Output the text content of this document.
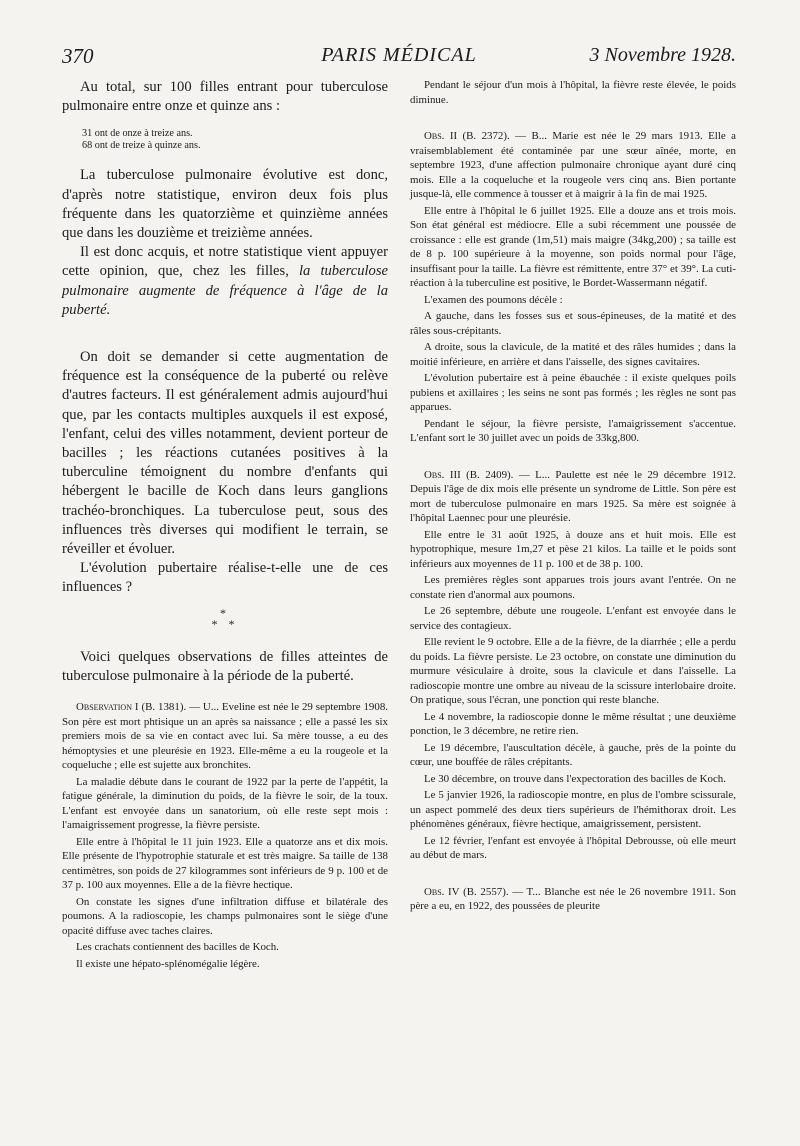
370	PARIS MÉDICAL	3 Novembre 1928.

Au total, sur 100 filles entrant pour tuberculose pulmonaire entre onze et quinze ans :

31 ont de onze à treize ans.
68 ont de treize à quinze ans.

La tuberculose pulmonaire évolutive est donc, d'après notre statistique, environ deux fois plus fréquente dans les quatorzième et quinzième années que dans les douzième et treizième années.

Il est donc acquis, et notre statistique vient appuyer cette opinion, que, chez les filles, la tuberculose pulmonaire augmente de fréquence à l'âge de la puberté.

On doit se demander si cette augmentation de fréquence est la conséquence de la puberté ou relève d'autres facteurs. Il est généralement admis aujourd'hui que, par les contacts multiples auxquels il est exposé, l'enfant, celui des villes notamment, devient porteur de bacilles ; les réactions cutanées positives à la tuberculine témoignent du nombre d'enfants qui hébergent le bacille de Koch dans leurs ganglions trachéo-bronchiques. La tuberculose peut, sous des influences très diverses qui modifient le terrain, se réveiller et évoluer.

L'évolution pubertaire réalise-t-elle une de ces influences ?

*
* *

Voici quelques observations de filles atteintes de tuberculose pulmonaire à la période de la puberté.

Observation I (B. 1381). — U... Eveline est née le 29 septembre 1908. Son père est mort phtisique un an après sa naissance ; elle a passé les six premiers mois de sa vie en contact avec lui. Sa mère tousse, a eu des hémoptysies et une pleurésie en 1923. Elle-même a eu la rougeole et la coqueluche ; elle est sujette aux bronchites.

La maladie débute dans le courant de 1922 par la perte de l'appétit, la fatigue générale, la diminution du poids, de la fièvre le soir, de la toux. L'enfant est envoyée dans un sanatorium, où elle reste sept mois : l'amaigrissement progresse, la fièvre persiste.

Elle entre à l'hôpital le 11 juin 1923. Elle a quatorze ans et dix mois. Elle présente de l'hypotrophie staturale et est très maigre. Sa taille de 138 centimètres, son poids de 27 kilogrammes sont inférieurs de 9 p. 100 et de 37 p. 100 aux moyennes. Elle a de la fièvre hectique.

On constate les signes d'une infiltration diffuse et bilatérale des poumons. A la radioscopie, les champs pulmonaires sont le siège d'une opacité diffuse avec taches claires.

Les crachats contiennent des bacilles de Koch.

Il existe une hépato-splénomégalie légère.

Pendant le séjour d'un mois à l'hôpital, la fièvre reste élevée, le poids diminue.

Obs. II (B. 2372). — B... Marie est née le 29 mars 1913. Elle a vraisemblablement été contaminée par une sœur aînée, morte, en septembre 1923, d'une affection pulmonaire chronique ayant duré cinq mois. Elle a la coqueluche et la rougeole vers cinq ans. Bien portante jusque-là, elle commence à tousser et à maigrir à la fin de mai 1925.

Elle entre à l'hôpital le 6 juillet 1925. Elle a douze ans et trois mois. Son état général est médiocre. Elle a subi récemment une poussée de croissance : elle est grande (1m,51) mais maigre (34kg,200) ; sa taille est de 8 p. 100 supérieure à la moyenne, son poids normal pour l'âge, insuffisant pour la taille. La fièvre est rémittente, entre 37° et 39°. La cuti-réaction à la tuberculine est positive, le Bordet-Wassermann négatif.

L'examen des poumons décèle :

A gauche, dans les fosses sus et sous-épineuses, de la matité et des râles sous-crépitants.

A droite, sous la clavicule, de la matité et des râles humides ; dans la moitié inférieure, en arrière et dans l'aisselle, des signes cavitaires.

L'évolution pubertaire est à peine ébauchée : il existe quelques poils pubiens et axillaires ; les seins ne sont pas formés ; les règles ne sont pas apparues.

Pendant le séjour, la fièvre persiste, l'amaigrissement s'accentue. L'enfant sort le 30 juillet avec un poids de 33kg,800.

Obs. III (B. 2409). — L... Paulette est née le 29 décembre 1912. Depuis l'âge de dix mois elle présente un syndrome de Little. Son père est mort de tuberculose pulmonaire en mars 1925. Sa mère est soignée à l'hôpital Laennec pour une pleurésie.

Elle entre le 31 août 1925, à douze ans et huit mois. Elle est hypotrophique, mesure 1m,27 et pèse 21 kilos. La taille et le poids sont inférieurs aux moyennes de 11 p. 100 et de 38 p. 100.

Les premières règles sont apparues trois jours avant l'entrée. On ne constate rien d'anormal aux poumons.

Le 26 septembre, débute une rougeole. L'enfant est envoyée dans le service des contagieux.

Elle revient le 9 octobre. Elle a de la fièvre, de la diarrhée ; elle a perdu du poids. La fièvre persiste. Le 23 octobre, on constate une diminution du murmure vésiculaire à droite, sous la clavicule et dans l'aisselle. La radioscopie montre une ombre au niveau de la scissure interlobaire droite. On pratique, sous l'écran, une ponction qui reste blanche.

Le 4 novembre, la radioscopie donne le même résultat ; une deuxième ponction, le 3 décembre, ne retire rien.

Le 19 décembre, l'auscultation décèle, à gauche, près de la pointe du cœur, une bouffée de râles crépitants.

Le 30 décembre, on trouve dans l'expectoration des bacilles de Koch.

Le 5 janvier 1926, la radioscopie montre, en plus de l'ombre scissurale, un aspect pommelé des deux tiers supérieurs de l'hémithorax droit. Les phénomènes généraux, fièvre hectique, amaigrissement, persistent.

Le 12 février, l'enfant est envoyée à l'hôpital Debrousse, où elle meurt au début de mars.

Obs. IV (B. 2557). — T... Blanche est née le 26 novembre 1911. Son père a eu, en 1922, des poussées de pleurite
